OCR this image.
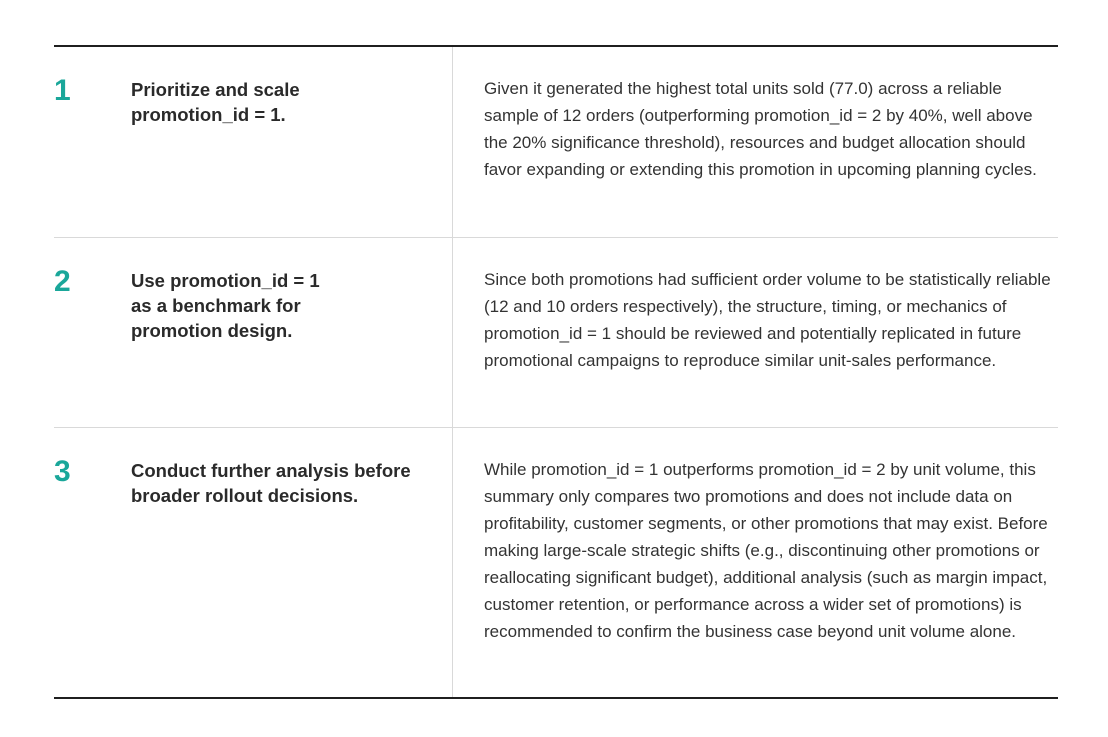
1	Prioritize and scale promotion_id = 1.

Given it generated the highest total units sold (77.0) across a reliable sample of 12 orders (outperforming promotion_id = 2 by 40%, well above the 20% significance threshold), resources and budget allocation should favor expanding or extending this promotion in upcoming planning cycles.

2	Use promotion_id = 1 as a benchmark for promotion design.

Since both promotions had sufficient order volume to be statistically reliable (12 and 10 orders respectively), the structure, timing, or mechanics of promotion_id = 1 should be reviewed and potentially replicated in future promotional campaigns to reproduce similar unit-sales performance.

3	Conduct further analysis before broader rollout decisions.

While promotion_id = 1 outperforms promotion_id = 2 by unit volume, this summary only compares two promotions and does not include data on profitability, customer segments, or other promotions that may exist. Before making large-scale strategic shifts (e.g., discontinuing other promotions or reallocating significant budget), additional analysis (such as margin impact, customer retention, or performance across a wider set of promotions) is recommended to confirm the business case beyond unit volume alone.
